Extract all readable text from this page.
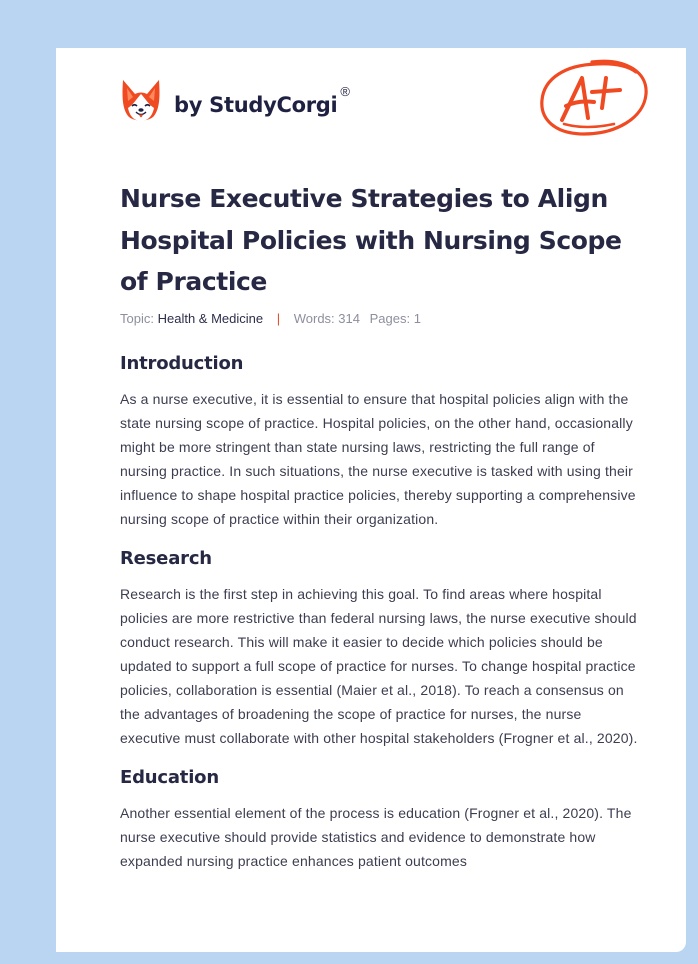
by StudyCorgi
®
Nurse Executive Strategies to Align Hospital Policies with Nursing Scope of Practice
Topic: Health & Medicine | Words: 314 Pages: 1
Introduction

As a nurse executive, it is essential to ensure that hospital policies align with the state nursing scope of practice. Hospital policies, on the other hand, occasionally might be more stringent than state nursing laws, restricting the full range of nursing practice. In such situations, the nurse executive is tasked with using their influence to shape hospital practice policies, thereby supporting a comprehensive nursing scope of practice within their organization.

Research

Research is the first step in achieving this goal. To find areas where hospital policies are more restrictive than federal nursing laws, the nurse executive should conduct research. This will make it easier to decide which policies should be updated to support a full scope of practice for nurses. To change hospital practice policies, collaboration is essential (Maier et al., 2018). To reach a consensus on the advantages of broadening the scope of practice for nurses, the nurse executive must collaborate with other hospital stakeholders (Frogner et al., 2020).

Education

Another essential element of the process is education (Frogner et al., 2020). The nurse executive should provide statistics and evidence to demonstrate how expanded nursing practice enhances patient outcomes
